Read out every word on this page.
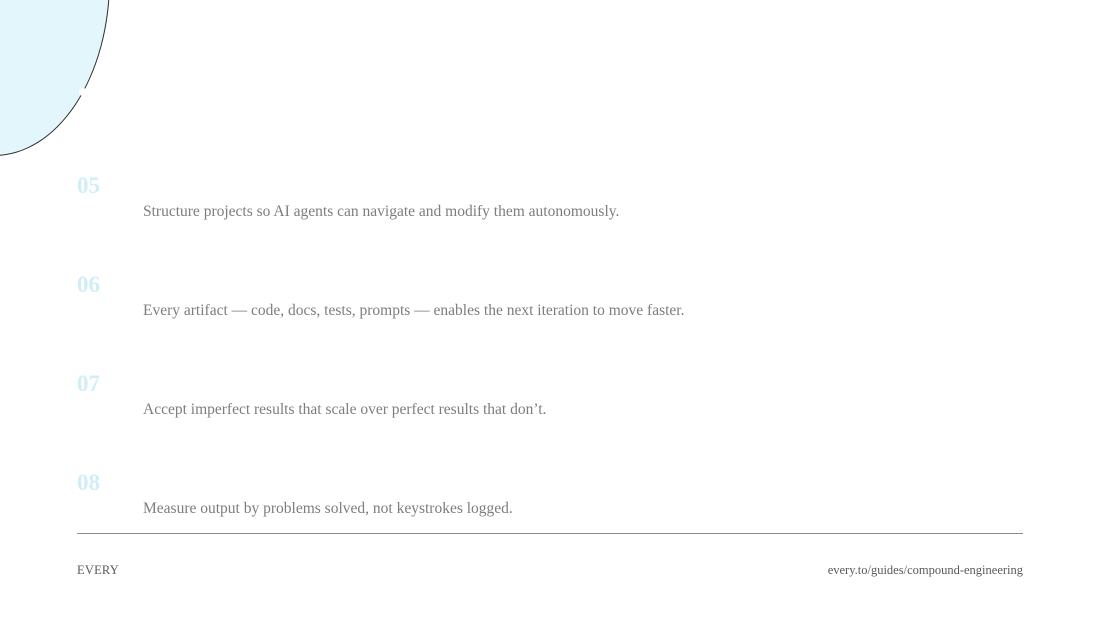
05
Structure projects so AI agents can navigate and modify them autonomously.
06
Every artifact — code, docs, tests, prompts — enables the next iteration to move faster.
07
Accept imperfect results that scale over perfect results that don’t.
08
Measure output by problems solved, not keystrokes logged.
EVERY	every.to/guides/compound-engineering
